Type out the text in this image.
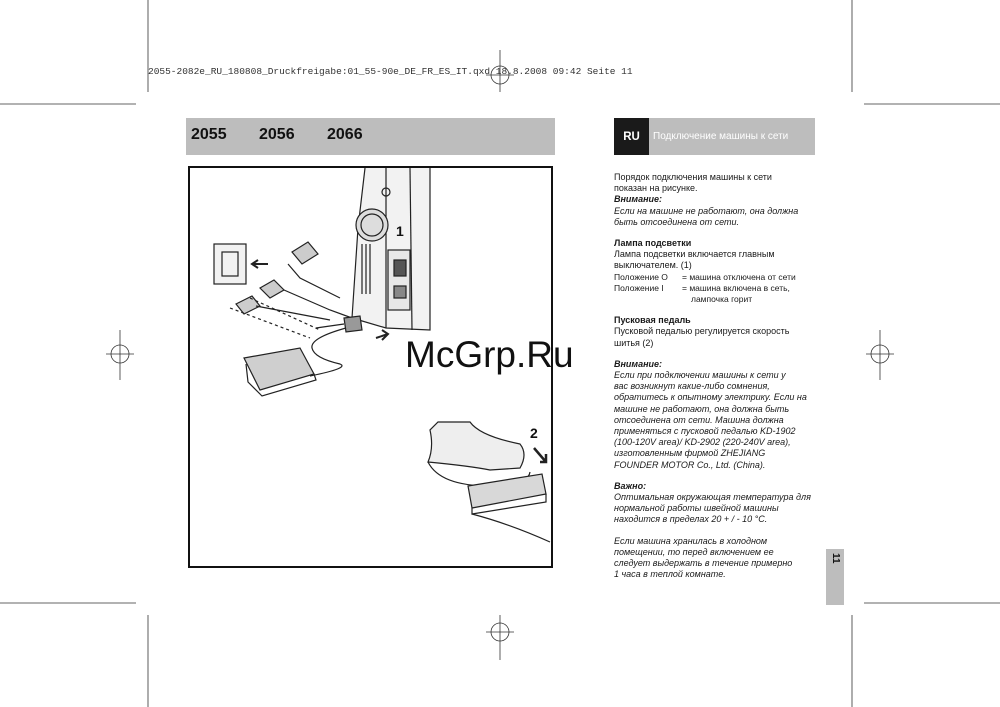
2055-2082e_RU_180808_Druckfreigabe:01_55-90e_DE_FR_ES_IT.qxd 18.8.2008 09:42 Seite 11
2055 2056 2066	RU	Подключение машины к сети
1
2

Порядок подключения машины к сети

показан на рисунке.

Внимание:

Если на машине не работают, она должна

быть отсоединена от сети.

Лампа подсветки

Лампа подсветки включается главным

выключателем. (1)

Положение O	= машина отключена от сети
Положение I	= машина включена в сеть,
лампочка горит

Пусковая педаль

Пусковой педалью регулируется скорость

шитья (2)

Внимание:

Если при подключении машины к сети у

вас возникнут какие-либо сомнения,

обратитесь к опытному электрику. Если на

машине не работают, она должна быть

отсоединена от сети. Машина должна

применяться с пусковой педалью KD-1902

(100-120V area)/ KD-2902 (220-240V area),

изготовленным фирмой ZHEJIANG

FOUNDER MOTOR Co., Ltd. (China).

Важно:

Оптимальная окружающая температура для

нормальной работы швейной машины

находится в пределах 20 + / - 10 °C.

Если машина хранилась в холодном

помещении, то перед включением ее

следует выдержать в течение примерно

1 часа в теплой комнате.

11
McGrp.Ru
